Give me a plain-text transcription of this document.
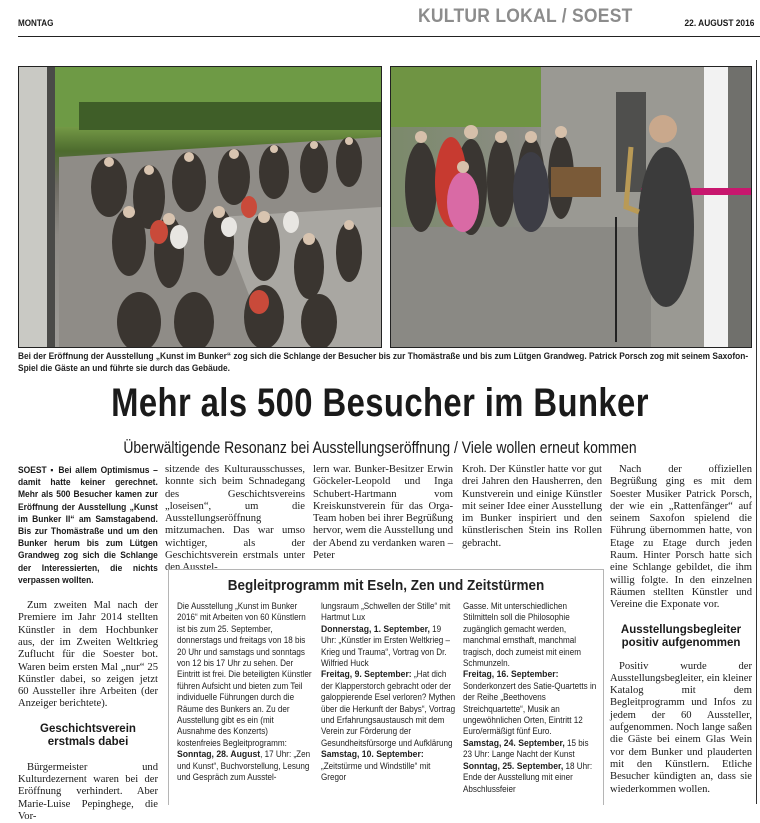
MONTAG	KULTUR LOKAL / SOEST	22. AUGUST 2016
Bei der Eröffnung der Ausstellung „Kunst im Bunker“ zog sich die Schlange der Besucher bis zur Thomästraße und bis zum Lütgen Grandweg. Patrick Porsch zog mit seinem Saxofon-Spiel die Gäste an und führte sie durch das Gebäude.
Mehr als 500 Besucher im Bunker
Überwältigende Resonanz bei Ausstellungseröffnung / Viele wollen erneut kommen
SOEST ▪ Bei allem Optimismus – damit hatte keiner gerechnet. Mehr als 500 Besucher kamen zur Eröffnung der Ausstellung „Kunst im Bunker II“ am Samstagabend. Bis zur Thomästraße und um den Bunker herum bis zum Lütgen Grandweg zog sich die Schlange der Interessierten, die nichts verpassen wollten.
Zum zweiten Mal nach der Premiere im Jahr 2014 stellten Künstler in dem Hochbunker aus, der im Zweiten Weltkrieg Zuflucht für die Soester bot. Waren beim ersten Mal „nur“ 25 Künstler dabei, so zeigen jetzt 60 Aussteller ihre Arbeiten (der Anzeiger berichtete).
Geschichtsverein erstmals dabei
Bürgermeister und Kulturdezernent waren bei der Eröffnung verhindert. Aber Marie-Luise Pepinghege, die Vor-
sitzende des Kulturausschusses, konnte sich beim Schnadegang des Geschichtsvereins „loseisen“, um die Ausstellungseröffnung mitzumachen. Das war umso wichtiger, als der Geschichtsverein erstmals unter den Ausstel-
lern war. Bunker-Besitzer Erwin Göckeler-Leopold und Inga Schubert-Hartmann vom Kreiskunstverein für das Orga-Team hoben bei ihrer Begrüßung hervor, wem die Ausstellung und der Abend zu verdanken waren – Peter
Kroh. Der Künstler hatte vor gut drei Jahren den Hausherren, den Kunstverein und einige Künstler mit seiner Idee einer Ausstellung im Bunker inspiriert und den künstlerischen Stein ins Rollen gebracht.
Nach der offiziellen Begrüßung ging es mit dem Soester Musiker Patrick Porsch, der wie ein „Rattenfänger“ auf seinem Saxofon spielend die Führung übernommen hatte, von Etage zu Etage durch jeden Raum. Hinter Porsch hatte sich eine Schlange gebildet, die ihm willig folgte. In den einzelnen Räumen stellten Künstler und Vereine die Exponate vor.
Ausstellungsbegleiter positiv aufgenommen
Positiv wurde der Ausstellungsbegleiter, ein kleiner Katalog mit dem Begleitprogramm und Infos zu jedem der 60 Aussteller, aufgenommen. Noch lange saßen die Gäste bei einem Glas Wein vor dem Bunker und plauderten mit den Künstlern. Etliche Besucher kündigten an, dass sie wiederkommen wollen.
Begleitprogramm mit Eseln, Zen und Zeitstürmen
Die Ausstellung „Kunst im Bunker 2016“ mit Arbeiten von 60 Künstlern ist bis zum 25. September, donnerstags und freitags von 18 bis 20 Uhr und samstags und sonntags von 12 bis 17 Uhr zu sehen. Der Eintritt ist frei. Die beteiligten Künstler führen Aufsicht und bieten zum Teil individuelle Führungen durch die Räume des Bunkers an. Zu der Ausstellung gibt es ein (mit Ausnahme des Konzerts) kostenfreies Begleitprogramm:
Sonntag, 28. August, 17 Uhr: „Zen und Kunst“, Buchvorstellung, Lesung und Gespräch zum Ausstel-
lungsraum „Schwellen der Stille“ mit Hartmut Lux
Donnerstag, 1. September, 19 Uhr: „Künstler im Ersten Weltkrieg – Krieg und Trauma“, Vortrag von Dr. Wilfried Huck
Freitag, 9. September: „Hat dich der Klapperstorch gebracht oder der galoppierende Esel verloren? Mythen über die Herkunft der Babys“, Vortrag und Erfahrungsaustausch mit dem Verein zur Förderung der Gesundheitsfürsorge und Aufklärung
Samstag, 10. September: „Zeitstürme und Windstille“ mit Gregor
Gasse. Mit unterschiedlichen Stilmitteln soll die Philosophie zugänglich gemacht werden, manchmal ernsthaft, manchmal tragisch, doch zumeist mit einem Schmunzeln.
Freitag, 16. September: Sonderkonzert des Satie-Quartetts in der Reihe „Beethovens Streichquartette“, Musik an ungewöhnlichen Orten, Eintritt 12 Euro/ermäßigt fünf Euro.
Samstag, 24. September, 15 bis 23 Uhr: Lange Nacht der Kunst
Sonntag, 25. September, 18 Uhr: Ende der Ausstellung mit einer Abschlussfeier
